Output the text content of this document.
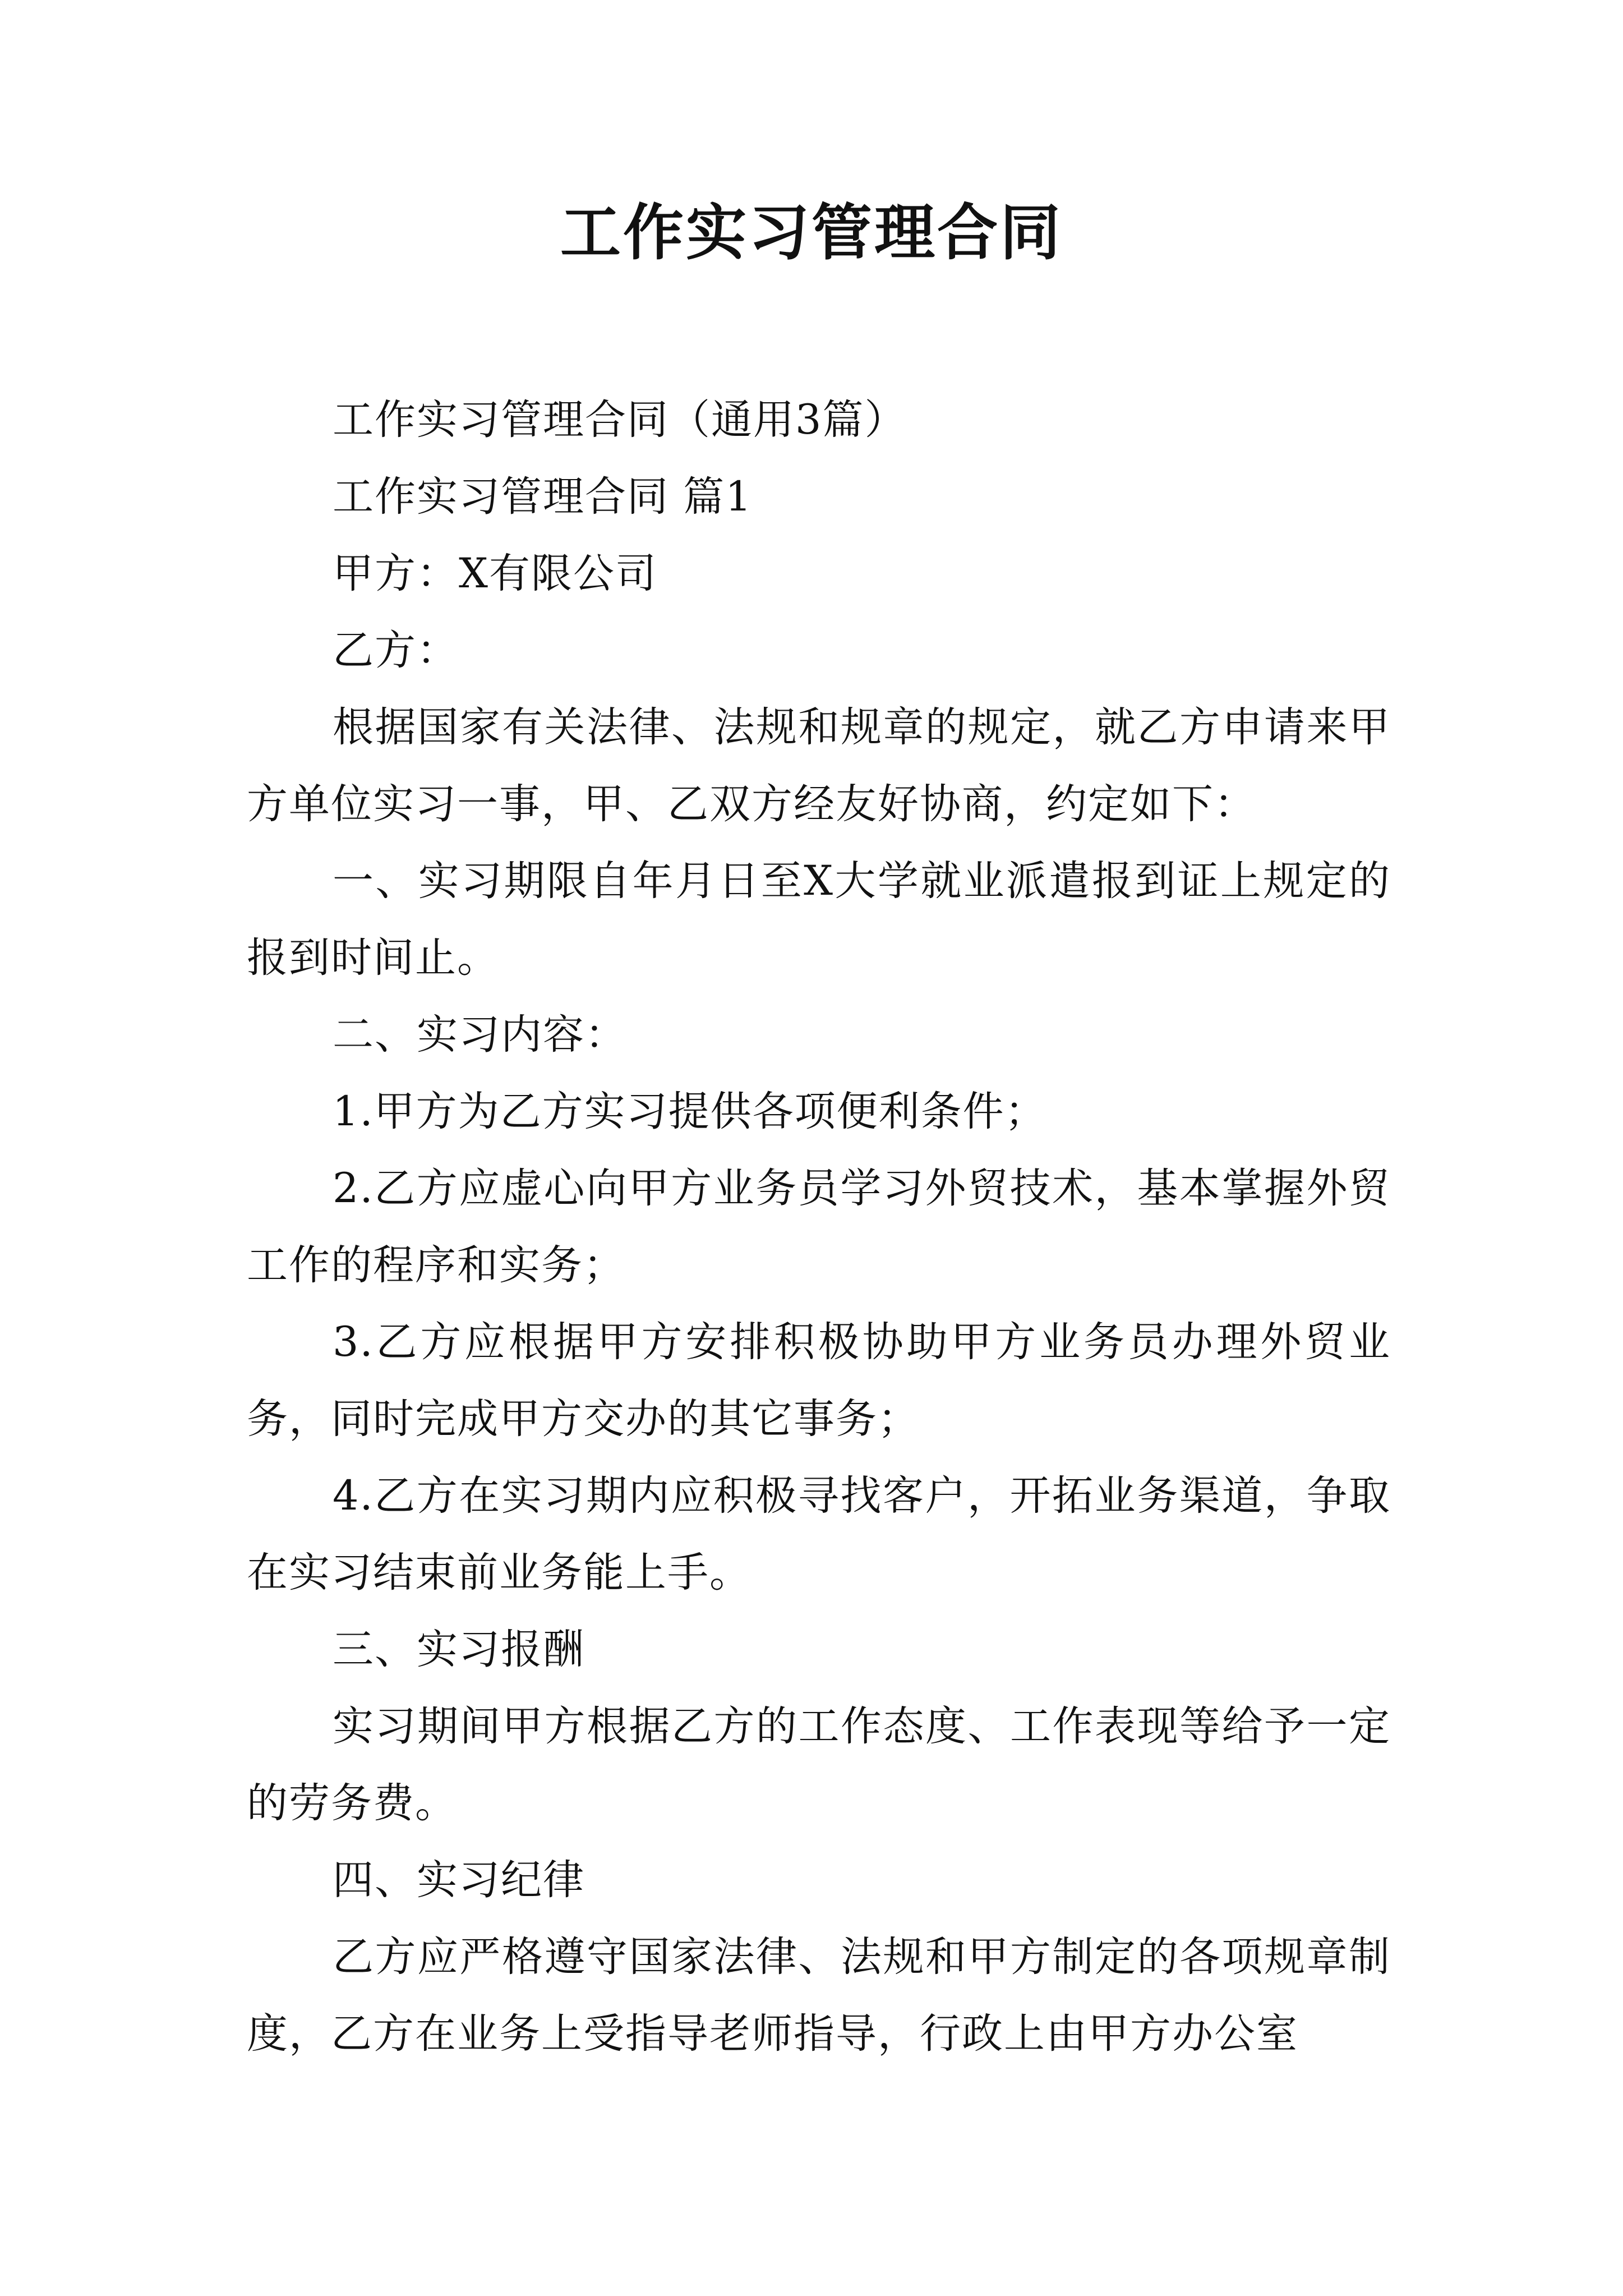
工作实习管理合同

工作实习管理合同（通用3篇）

工作实习管理合同 篇1

甲方：X有限公司

乙方：

根据国家有关法律、法规和规章的规定，就乙方申请来甲方单位实习一事，甲、乙双方经友好协商，约定如下：

一、实习期限自年月日至X大学就业派遣报到证上规定的报到时间止。

二、实习内容：

1.甲方为乙方实习提供各项便利条件；

2.乙方应虚心向甲方业务员学习外贸技术，基本掌握外贸工作的程序和实务；

3.乙方应根据甲方安排积极协助甲方业务员办理外贸业务，同时完成甲方交办的其它事务；

4.乙方在实习期内应积极寻找客户，开拓业务渠道，争取在实习结束前业务能上手。

三、实习报酬

实习期间甲方根据乙方的工作态度、工作表现等给予一定的劳务费。

四、实习纪律

乙方应严格遵守国家法律、法规和甲方制定的各项规章制度，乙方在业务上受指导老师指导，行政上由甲方办公室
